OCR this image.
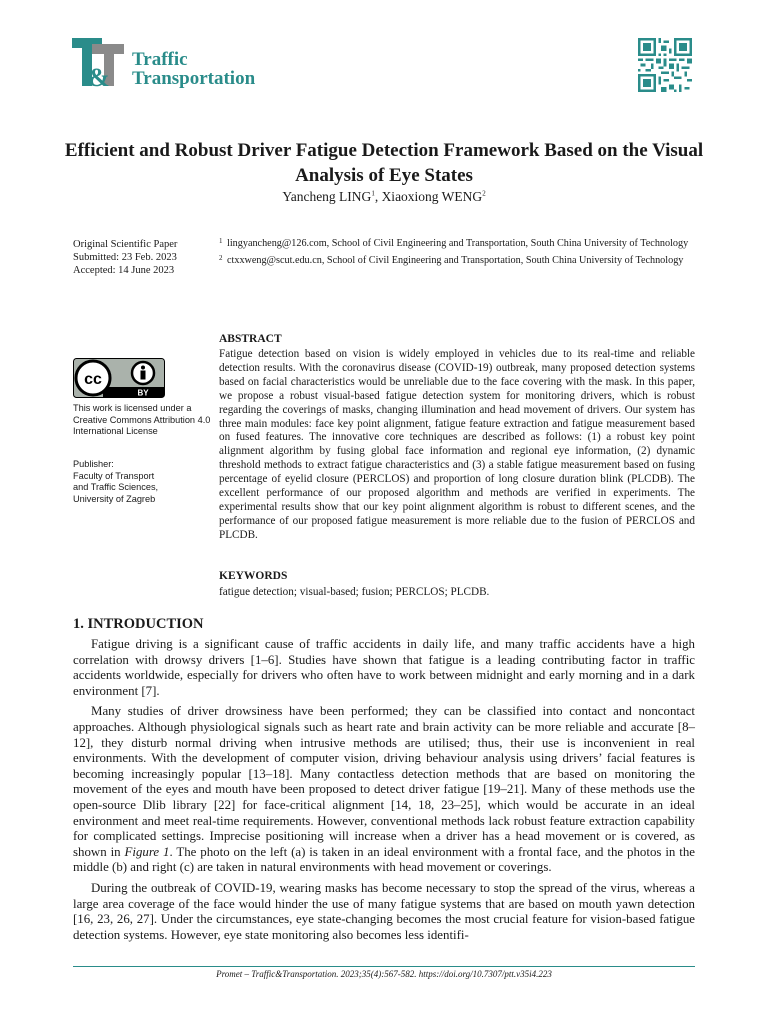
&
Traffic
Transportation
Efficient and Robust Driver Fatigue Detection Framework Based on the Visual Analysis of Eye States
Yancheng LING$^1$, Xiaoxiong WENG$^2$
Original Scientific Paper
Submitted: 23 Feb. 2023
Accepted: 14 June 2023
1 lingyancheng@126.com, School of Civil Engineering and Transportation, South China University of Technology
2 ctxxweng@scut.edu.cn, School of Civil Engineering and Transportation, South China University of Technology
cc
BY
This work is licensed under a Creative Commons Attribution 4.0 International License
Publisher:
Faculty of Transport
and Traffic Sciences,
University of Zagreb
ABSTRACT
Fatigue detection based on vision is widely employed in vehicles due to its real-time and reliable detection results. With the coronavirus disease (COVID-19) outbreak, many proposed detection systems based on facial characteristics would be unreliable due to the face covering with the mask. In this paper, we propose a robust visual-based fatigue detection system for monitoring drivers, which is robust regarding the coverings of masks, changing illumination and head movement of drivers. Our system has three main modules: face key point alignment, fatigue feature extraction and fatigue measurement based on fused features. The innovative core techniques are described as follows: (1) a robust key point alignment algorithm by fusing global face information and regional eye information, (2) dynamic threshold methods to extract fatigue characteristics and (3) a stable fatigue measurement based on fusing percentage of eyelid closure (PERCLOS) and proportion of long closure duration blink (PLCDB). The excellent performance of our proposed algorithm and methods are verified in experiments. The experimental results show that our key point alignment algorithm is robust to different scenes, and the performance of our proposed fatigue measurement is more reliable due to the fusion of PERCLOS and PLCDB.
KEYWORDS
fatigue detection; visual-based; fusion; PERCLOS; PLCDB.
1. INTRODUCTION

Fatigue driving is a significant cause of traffic accidents in daily life, and many traffic accidents have a high correlation with drowsy drivers [1–6]. Studies have shown that fatigue is a leading contributing factor in traffic accidents worldwide, especially for drivers who often have to work between midnight and early morning and in a dark environment [7].

Many studies of driver drowsiness have been performed; they can be classified into contact and noncontact approaches. Although physiological signals such as heart rate and brain activity can be more reliable and accurate [8–12], they disturb normal driving when intrusive methods are utilised; thus, their use is inconvenient in real environments. With the development of computer vision, driving behaviour analysis using drivers’ facial features is becoming increasingly popular [13–18]. Many contactless detection methods that are based on monitoring the movement of the eyes and mouth have been proposed to detect driver fatigue [19–21]. Many of these methods use the open-source Dlib library [22] for face-critical alignment [14, 18, 23–25], which would be accurate in an ideal environment and meet real-time requirements. However, conventional methods lack robust feature extraction capability for complicated settings. Imprecise positioning will increase when a driver has a head movement or is covered, as shown in Figure 1. The photo on the left (a) is taken in an ideal environment with a frontal face, and the photos in the middle (b) and right (c) are taken in natural environments with head movement or coverings.

During the outbreak of COVID-19, wearing masks has become necessary to stop the spread of the virus, whereas a large area coverage of the face would hinder the use of many fatigue systems that are based on mouth yawn detection [16, 23, 26, 27]. Under the circumstances, eye state-changing becomes the most crucial feature for vision-based fatigue detection systems. However, eye state monitoring also becomes less identifi-

Promet – Traffic&Transportation. 2023;35(4):567-582. https://doi.org/10.7307/ptt.v35i4.223
